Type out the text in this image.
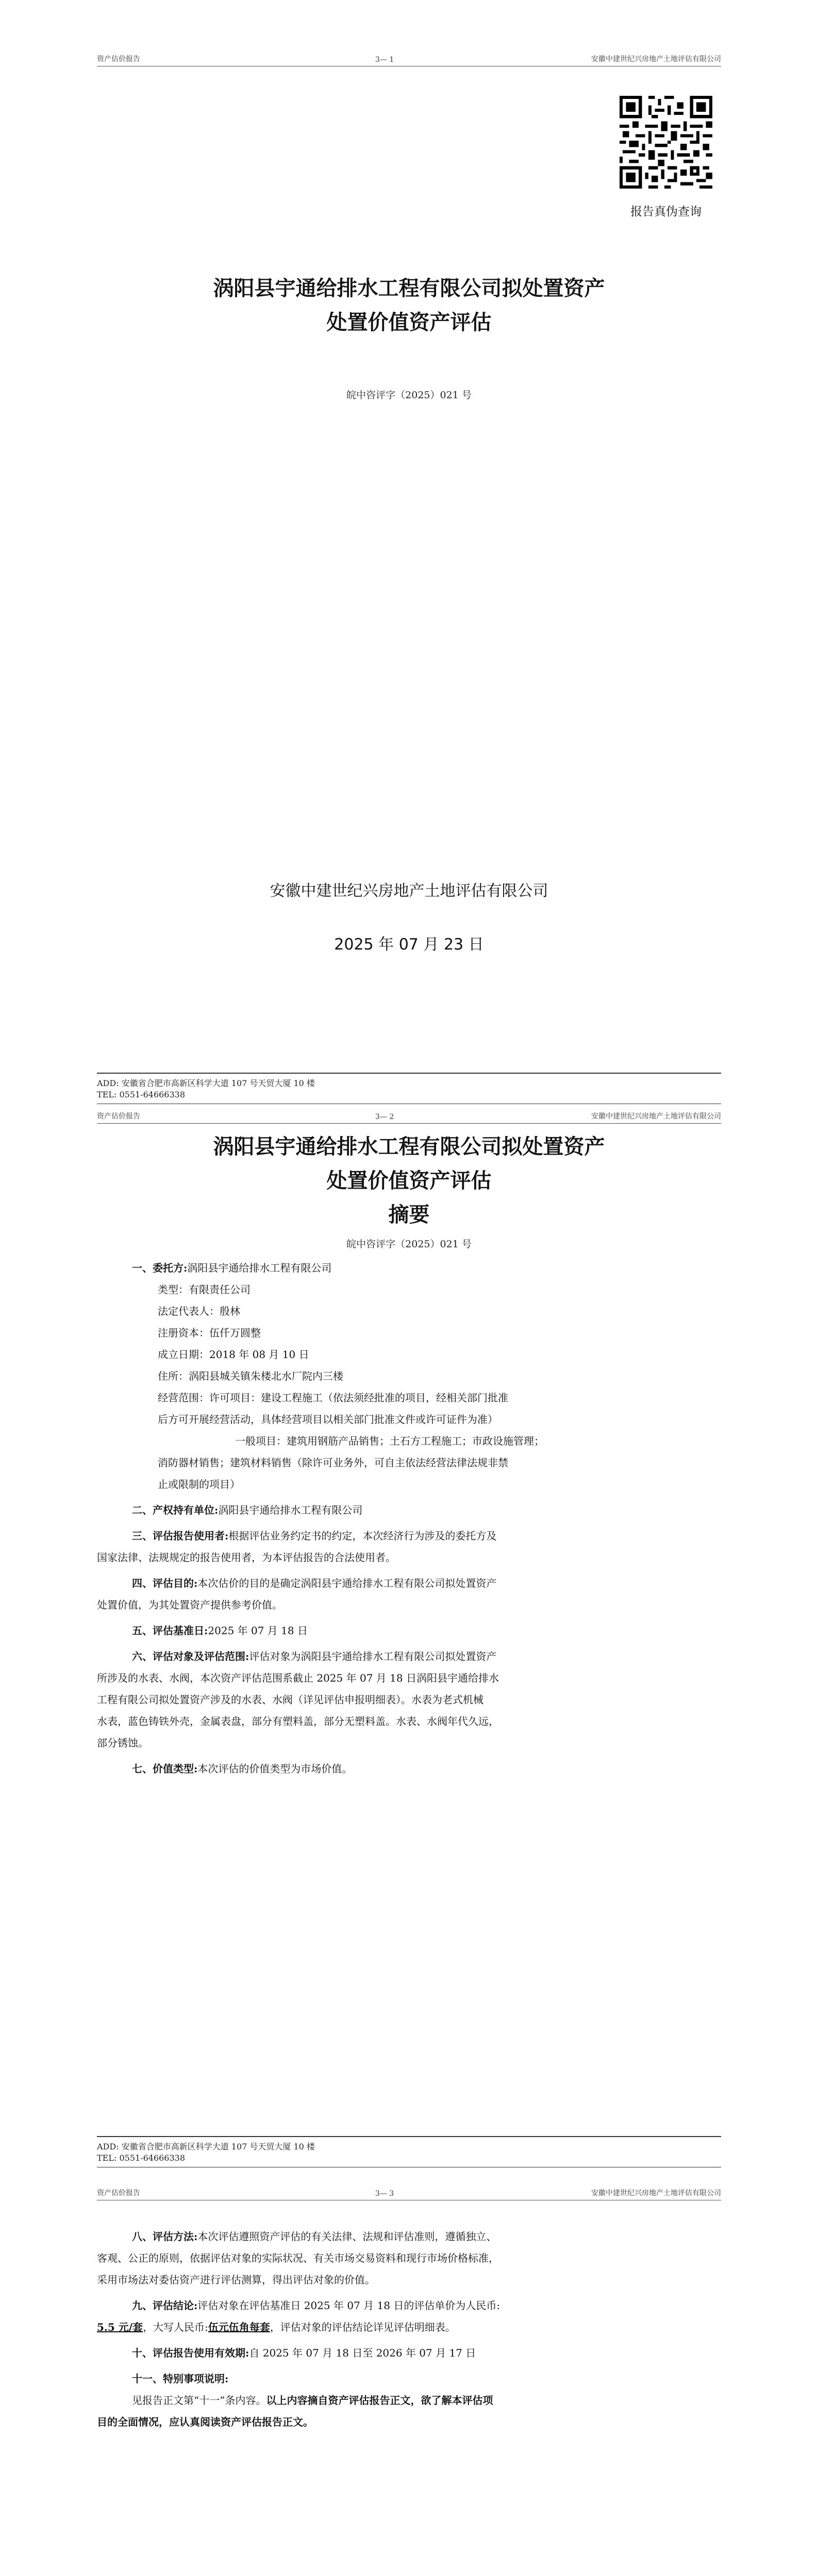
资产估价报告	3— 1	安徽中建世纪兴房地产土地评估有限公司
报告真伪查询
涡阳县宇通给排水工程有限公司拟处置资产
处置价值资产评估
皖中咨评字（2025）021 号
安徽中建世纪兴房地产土地评估有限公司
2025 年 07 月 23 日
ADD: 安徽省合肥市高新区科学大道 107 号天贸大厦 10 楼
TEL: 0551-64666338
资产估价报告	3— 2	安徽中建世纪兴房地产土地评估有限公司
涡阳县宇通给排水工程有限公司拟处置资产
处置价值资产评估
摘要
皖中咨评字（2025）021 号

一、委托方:涡阳县宇通给排水工程有限公司

类型：有限责任公司

法定代表人：殷林

注册资本：伍仟万圆整

成立日期：2018 年 08 月 10 日

住所：涡阳县城关镇朱楼北水厂院内三楼

经营范围：许可项目：建设工程施工（依法须经批准的项目，经相关部门批准

后方可开展经营活动，具体经营项目以相关部门批准文件或许可证件为准）

一般项目：建筑用钢筋产品销售；土石方工程施工；市政设施管理；

消防器材销售；建筑材料销售（除许可业务外，可自主依法经营法律法规非禁

止或限制的项目）

二、产权持有单位:涡阳县宇通给排水工程有限公司

三、评估报告使用者:根据评估业务约定书的约定，本次经济行为涉及的委托方及

国家法律、法规规定的报告使用者，为本评估报告的合法使用者。

四、评估目的:本次估价的目的是确定涡阳县宇通给排水工程有限公司拟处置资产

处置价值，为其处置资产提供参考价值。

五、评估基准日:2025 年 07 月 18 日

六、评估对象及评估范围:评估对象为涡阳县宇通给排水工程有限公司拟处置资产

所涉及的水表、水阀，本次资产评估范围系截止 2025 年 07 月 18 日涡阳县宇通给排水

工程有限公司拟处置资产涉及的水表、水阀（详见评估申报明细表）。水表为老式机械

水表，蓝色铸铁外壳，金属表盘，部分有塑料盖，部分无塑料盖。水表、水阀年代久远，

部分锈蚀。

七、价值类型:本次评估的价值类型为市场价值。

ADD: 安徽省合肥市高新区科学大道 107 号天贸大厦 10 楼
TEL: 0551-64666338
资产估价报告	3— 3	安徽中建世纪兴房地产土地评估有限公司

八、评估方法:本次评估遵照资产评估的有关法律、法规和评估准则，遵循独立、

客观、公正的原则，依据评估对象的实际状况、有关市场交易资料和现行市场价格标准，

采用市场法对委估资产进行评估测算，得出评估对象的价值。

九、评估结论:评估对象在评估基准日 2025 年 07 月 18 日的评估单价为人民币:

5.5 元/套，大写人民币:伍元伍角每套，评估对象的评估结论详见评估明细表。

十、评估报告使用有效期:自 2025 年 07 月 18 日至 2026 年 07 月 17 日

十一、特别事项说明:

见报告正文第“十一”条内容。以上内容摘自资产评估报告正文，欲了解本评估项

目的全面情况，应认真阅读资产评估报告正文。
